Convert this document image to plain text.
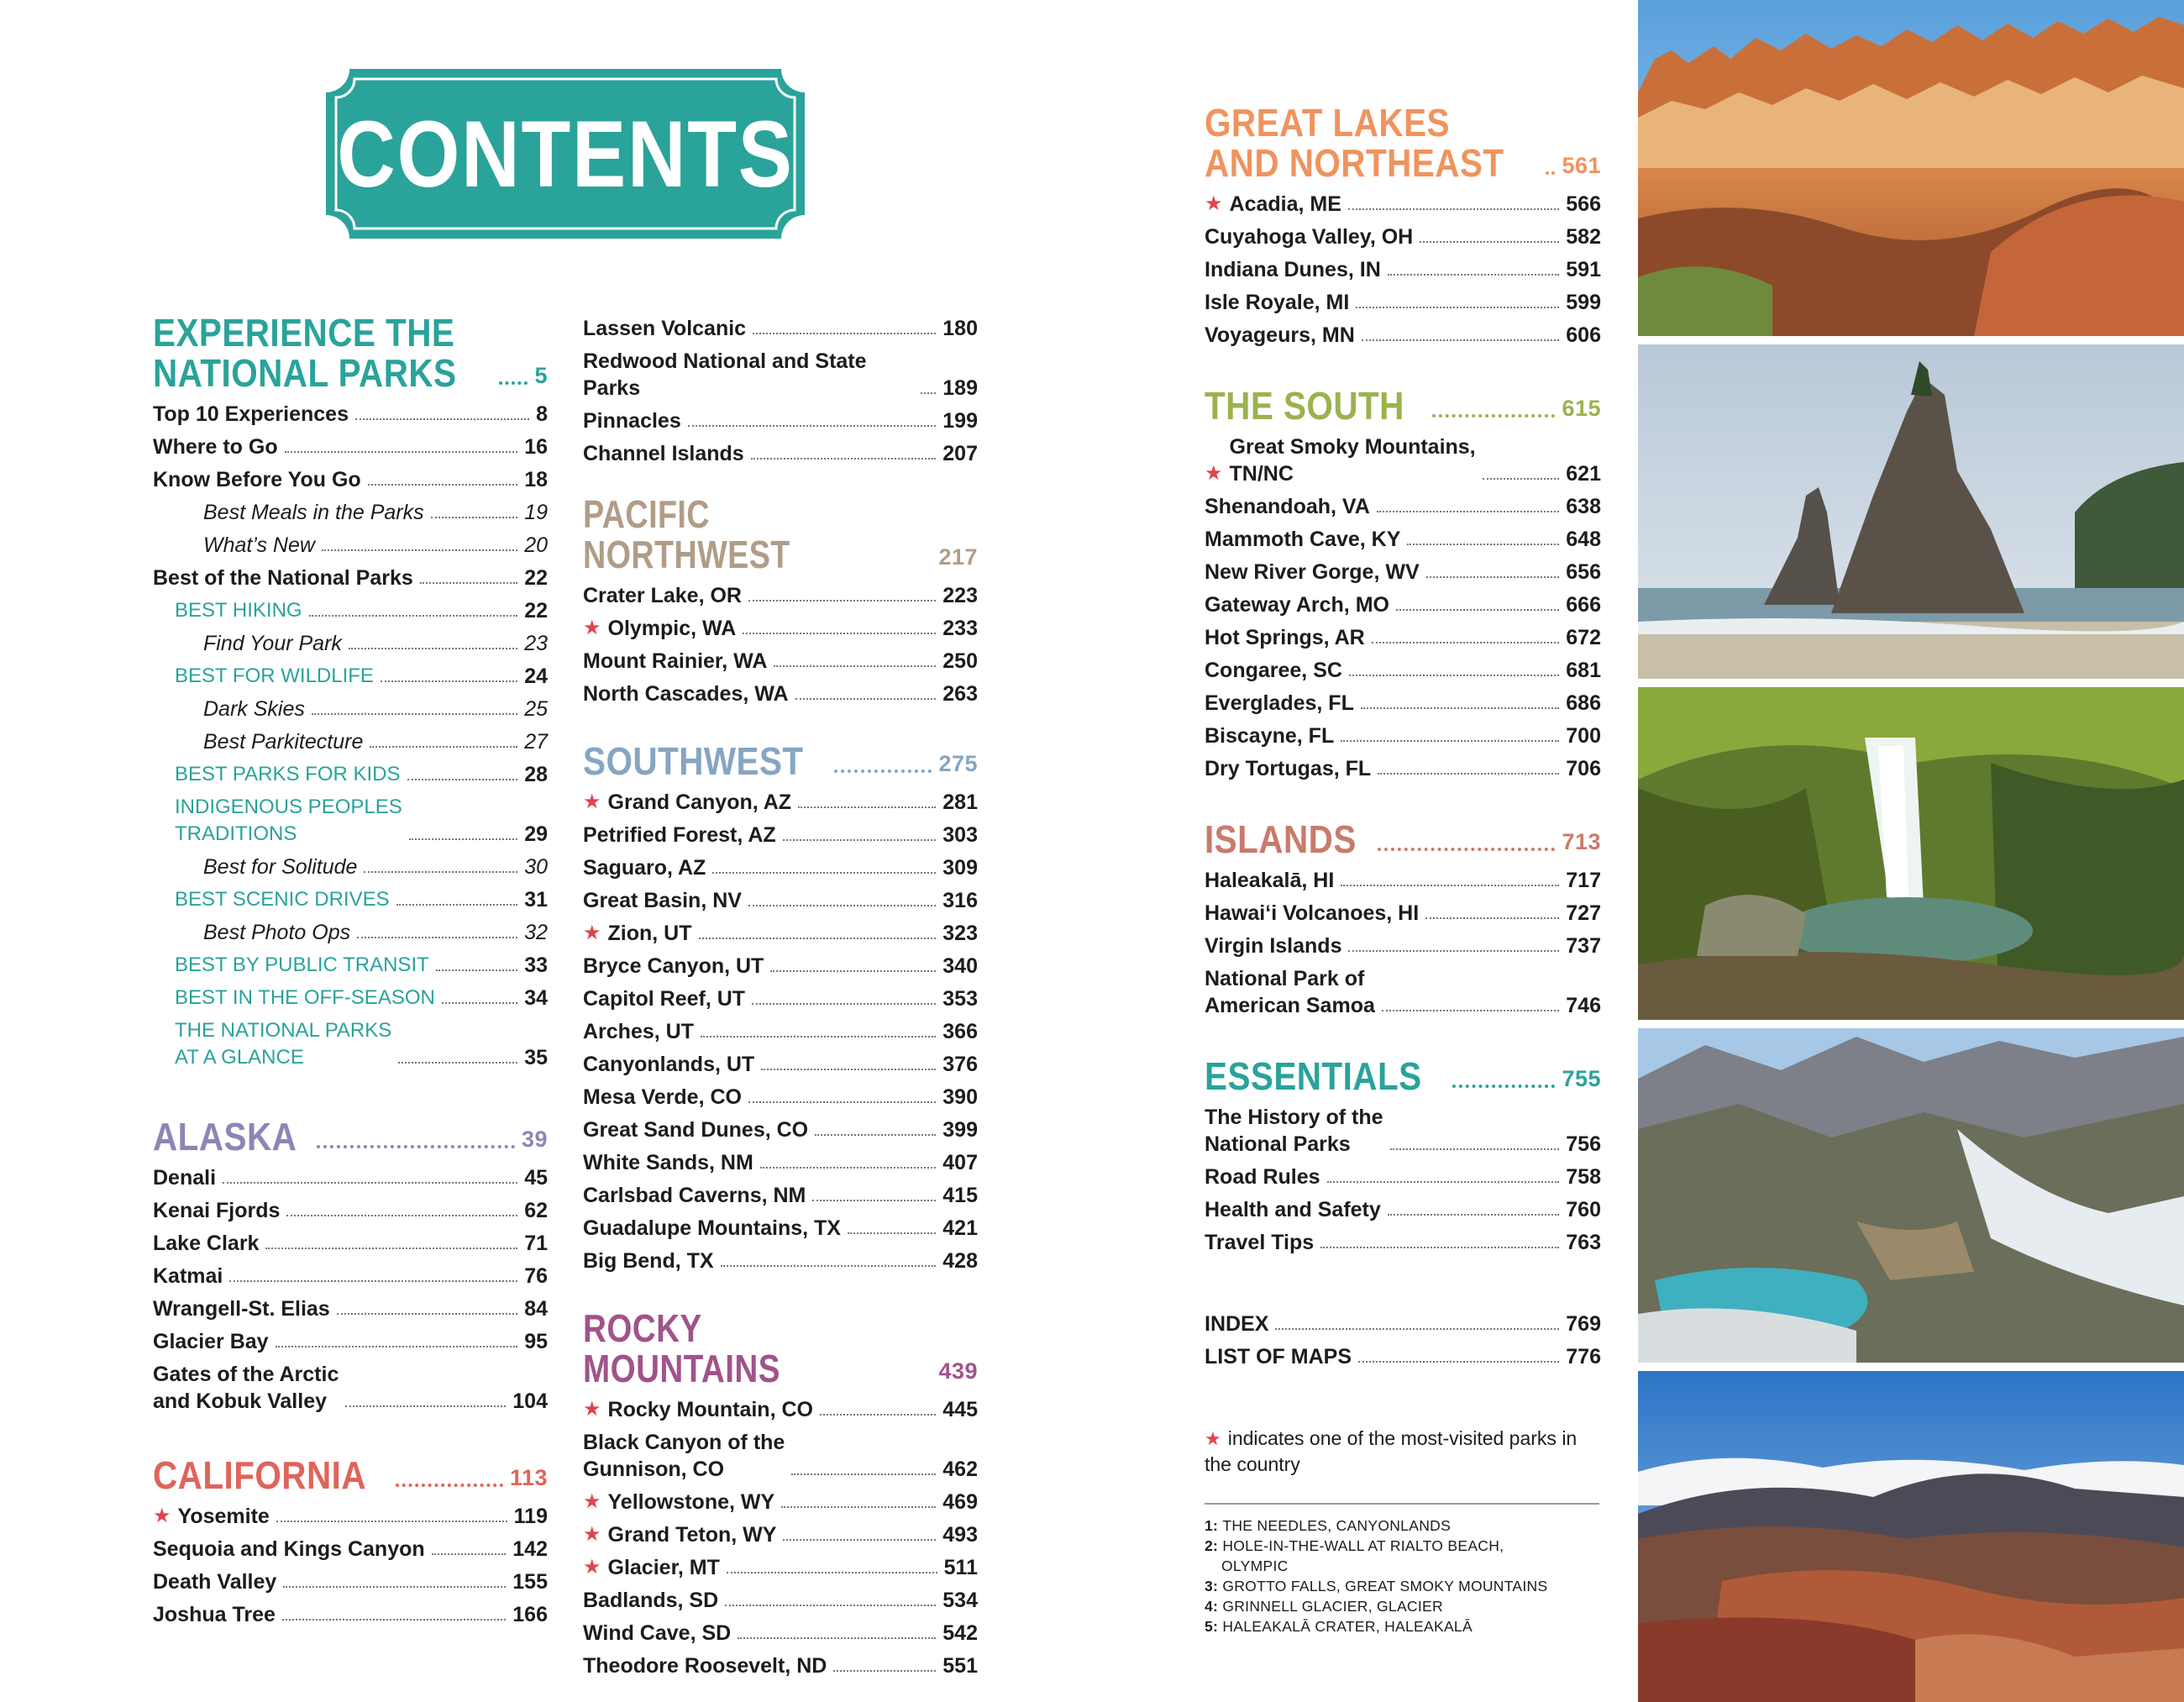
CONTENTS
EXPERIENCE THE
NATIONAL PARKS	5
Top 10 Experiences	8
Where to Go	16
Know Before You Go	18
Best Meals in the Parks	19
What’s New	20
Best of the National Parks	22
BEST HIKING	22
Find Your Park	23
BEST FOR WILDLIFE	24
Dark Skies	25
Best Parkitecture	27
BEST PARKS FOR KIDS	28
INDIGENOUS PEOPLES
TRADITIONS	29
Best for Solitude	30
BEST SCENIC DRIVES	31
Best Photo Ops	32
BEST BY PUBLIC TRANSIT	33
BEST IN THE OFF-SEASON	34
THE NATIONAL PARKS
AT A GLANCE	35
ALASKA	39
Denali	45
Kenai Fjords	62
Lake Clark	71
Katmai	76
Wrangell-St. Elias	84
Glacier Bay	95
Gates of the Arctic
and Kobuk Valley	104
CALIFORNIA	113
★ Yosemite	119
Sequoia and Kings Canyon	142
Death Valley	155
Joshua Tree	166
Lassen Volcanic	180
Redwood National and State Parks	189
Pinnacles	199
Channel Islands	207
PACIFIC NORTHWEST	217
Crater Lake, OR	223
★ Olympic, WA	233
Mount Rainier, WA	250
North Cascades, WA	263
SOUTHWEST	275
★ Grand Canyon, AZ	281
Petrified Forest, AZ	303
Saguaro, AZ	309
Great Basin, NV	316
★ Zion, UT	323
Bryce Canyon, UT	340
Capitol Reef, UT	353
Arches, UT	366
Canyonlands, UT	376
Mesa Verde, CO	390
Great Sand Dunes, CO	399
White Sands, NM	407
Carlsbad Caverns, NM	415
Guadalupe Mountains, TX	421
Big Bend, TX	428
ROCKY MOUNTAINS	439
★ Rocky Mountain, CO	445
Black Canyon of the
Gunnison, CO	462
★ Yellowstone, WY	469
★ Grand Teton, WY	493
★ Glacier, MT	511
Badlands, SD	534
Wind Cave, SD	542
Theodore Roosevelt, ND	551
GREAT LAKES
AND NORTHEAST	561
★ Acadia, ME	566
Cuyahoga Valley, OH	582
Indiana Dunes, IN	591
Isle Royale, MI	599
Voyageurs, MN	606
THE SOUTH	615
★
Great Smoky Mountains,
TN/NC	621
Shenandoah, VA	638
Mammoth Cave, KY	648
New River Gorge, WV	656
Gateway Arch, MO	666
Hot Springs, AR	672
Congaree, SC	681
Everglades, FL	686
Biscayne, FL	700
Dry Tortugas, FL	706
ISLANDS	713
Haleakalā, HI	717
Hawai‘i Volcanoes, HI	727
Virgin Islands	737
National Park of
American Samoa	746
ESSENTIALS	755
The History of the
National Parks	756
Road Rules	758
Health and Safety	760
Travel Tips	763
INDEX	769
LIST OF MAPS	776
★ indicates one of the most-visited parks in the country
1: THE NEEDLES, CANYONLANDS
2: HOLE-IN-THE-WALL AT RIALTO BEACH,
OLYMPIC
3: GROTTO FALLS, GREAT SMOKY MOUNTAINS
4: GRINNELL GLACIER, GLACIER
5: HALEAKALĀ CRATER, HALEAKALĀ
